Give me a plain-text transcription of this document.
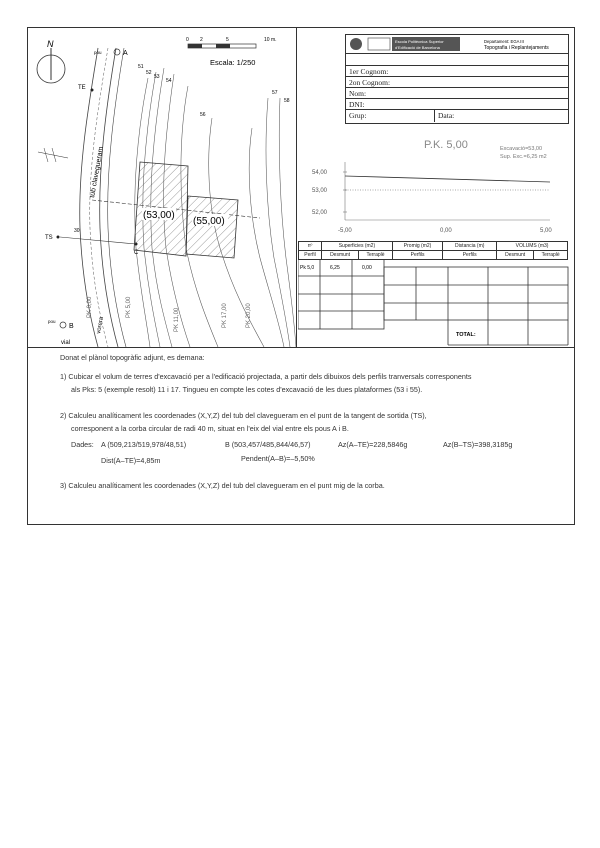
N	0 2	5	10 m.
Escala: 1/250
51
52
53
54
56
57
58
30
pou	A
TE
tub clavegueram
TS
C
(53,00)
(55,00)
PK 0,00	PK 5,00
PK 11,00	PK 17,00	PK 20,00
vorera
pou
B
vial
Escola Politècnica Superior
d'Edificació de Barcelona
Departament: EGA III
Topografia i Replantejaments
1er Cognom:
2on Cognom:
Nom:
DNI:
Grup:	Data:
P.K. 5,00	Excavació=53,00
Sup. Exc.=6,25 m2
54,00
53,00
52,00
-5,00	0,00	5,00
nº	Superficies (m2)		Promig (m2)	Distancia (m)	VOLUMS (m3)	
Perfil	Desmunt	Terraplè	Perfils	Perfils	Desmunt	Terraplè
Pk 5,0	6,25	0,00
TOTAL:
Donat el plànol topogràfic adjunt, es demana:
1) Cubicar el volum de terres d'excavació per a l'edificació projectada, a partir dels dibuixos dels perfils tranversals corresponents
als Pks: 5 (exemple resolt) 11 i 17. Tingueu en compte les cotes d'excavació de les dues plataformes (53 i 55).
2) Calculeu analíticament les coordenades (X,Y,Z) del tub del clavegueram en el punt de la tangent de sortida (TS),
corresponent a la corba circular de radi 40 m, situat en l'eix del vial entre els pous A i B.
Dades: A (509,213/519,978/48,51)	B (503,457/485,844/46,57)	Az(A–TE)=228,5846g	Az(B–TS)=398,3185g
Dist(A–TE)=4,85m	Pendent(A–B)=–5,50%
3) Calculeu analíticament les coordenades (X,Y,Z) del tub del clavegueram en el punt mig de la corba.
